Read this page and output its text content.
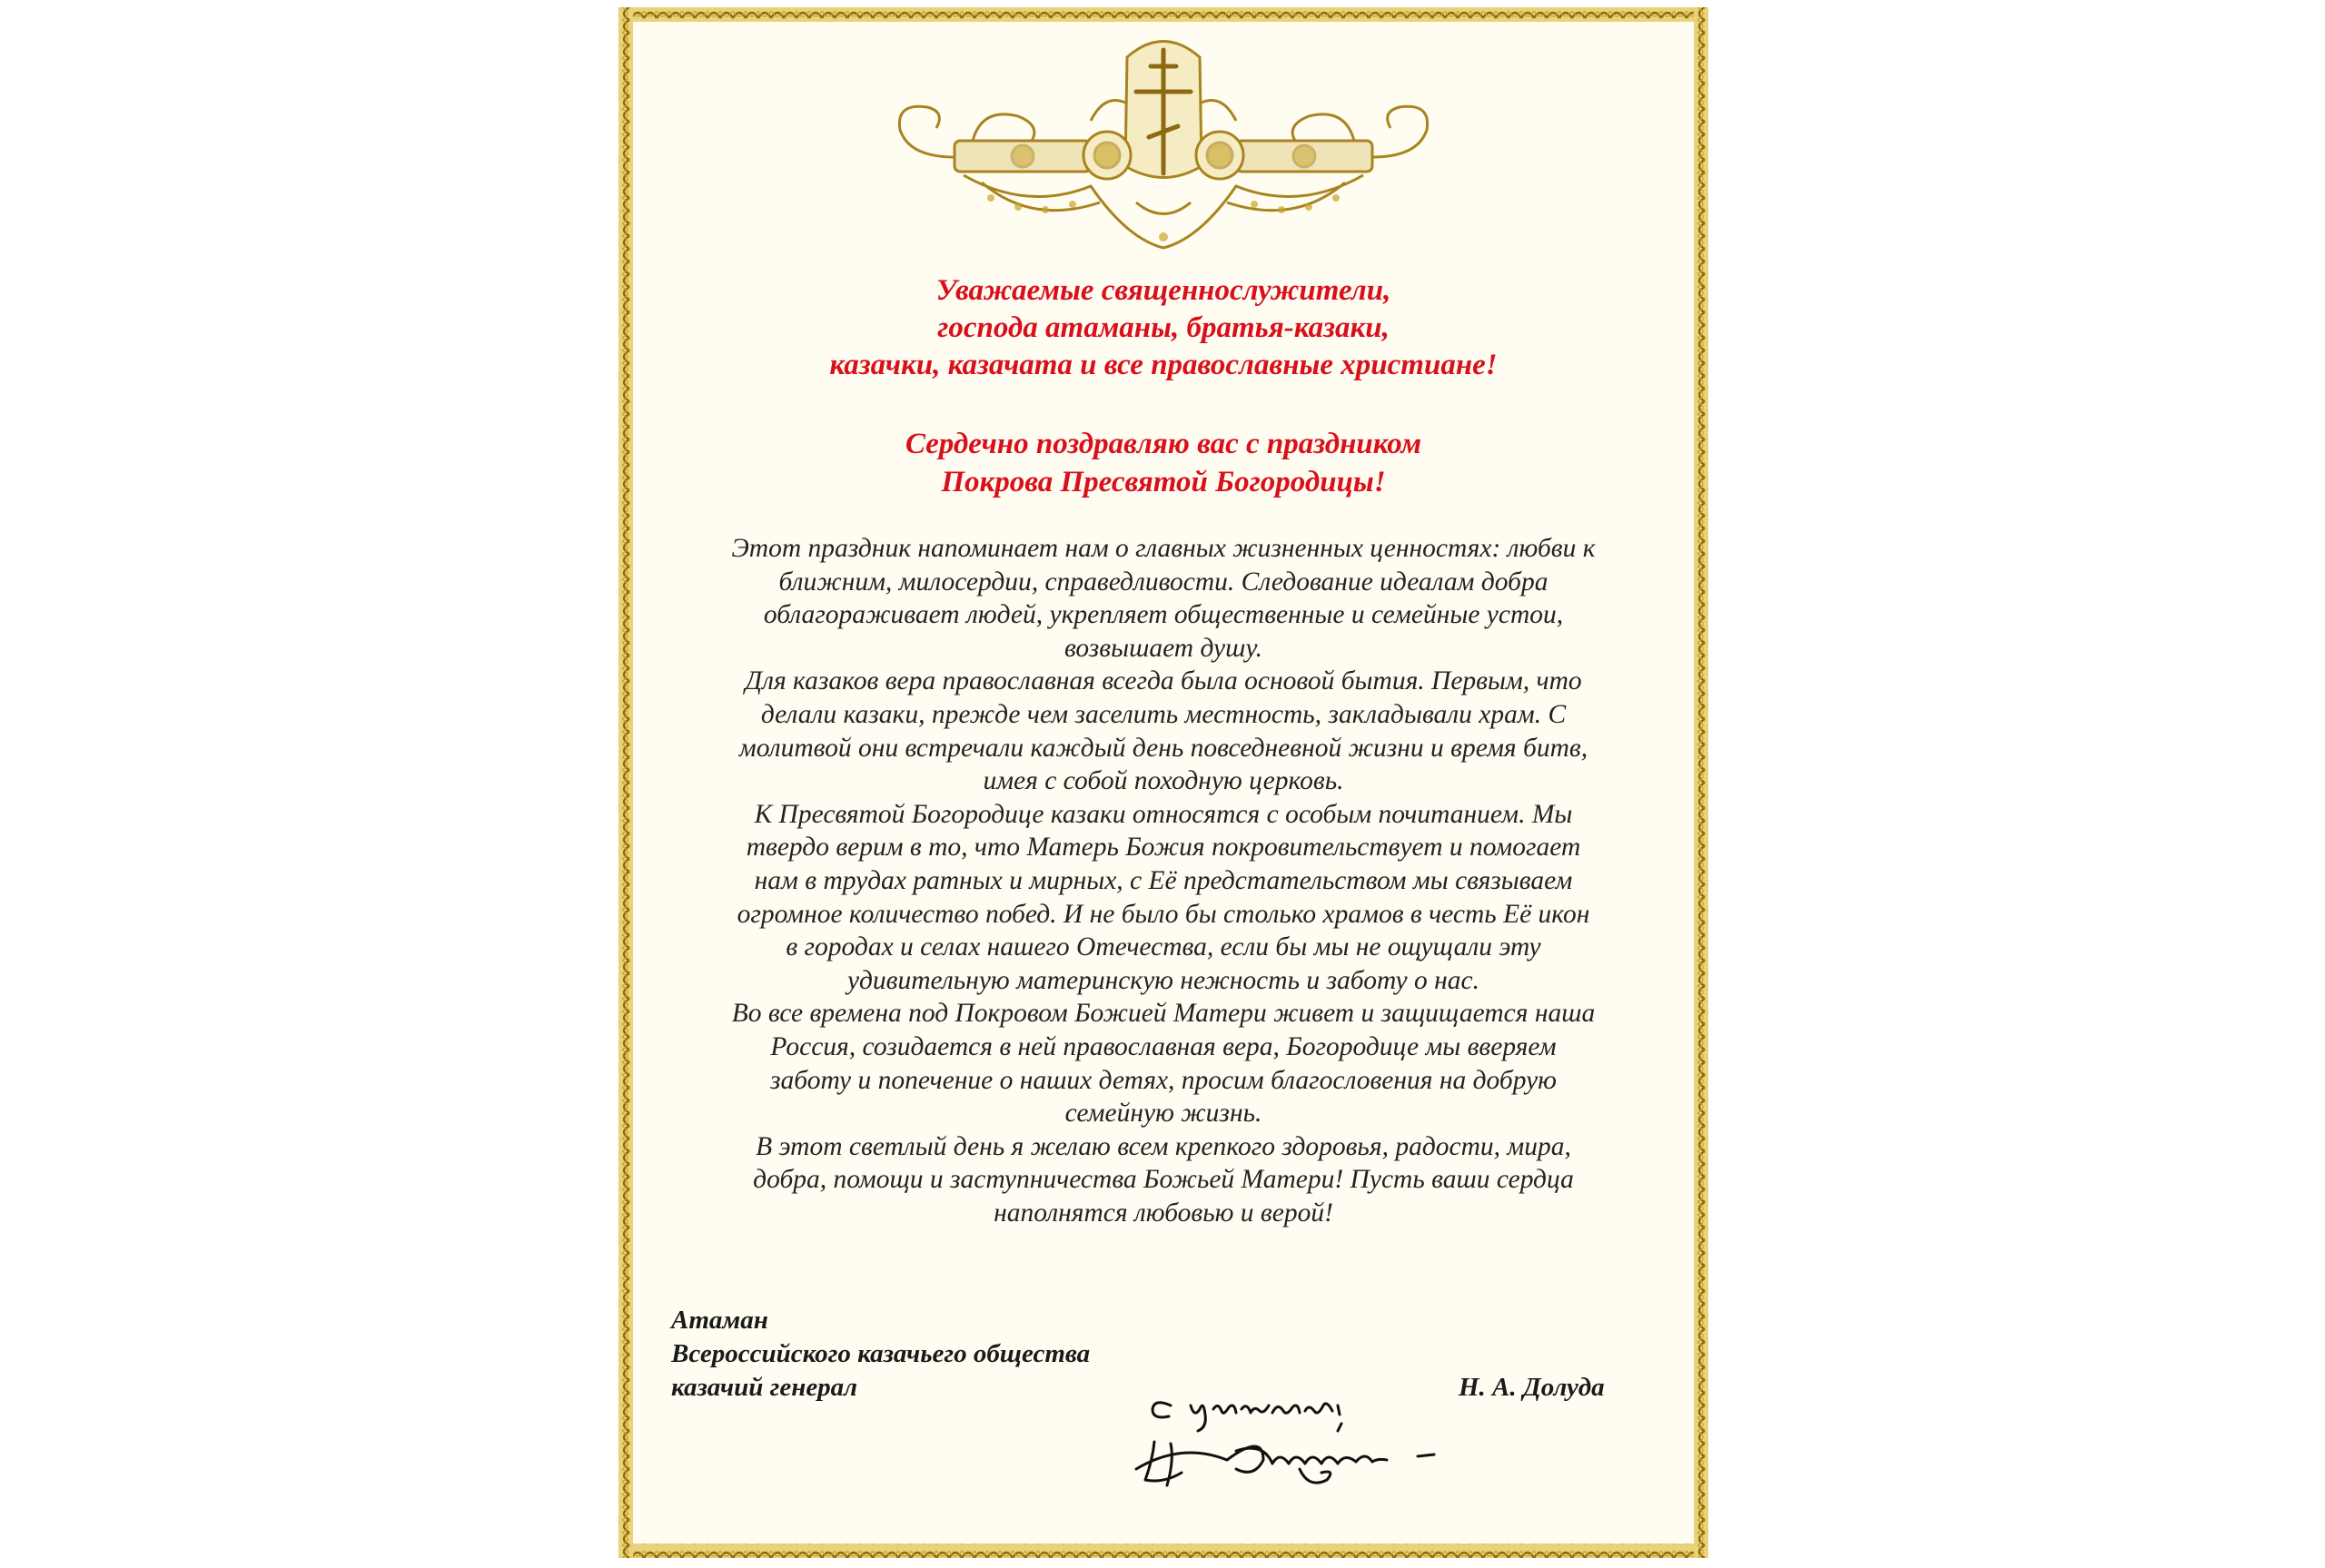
Уважаемые священнослужители,

господа атаманы, братья-казаки,

казачки, казачата и все православные христиане!

Сердечно поздравляю вас с праздником

Покрова Пресвятой Богородицы!

Этот праздник напоминает нам о главных жизненных ценностях: любви к

ближним, милосердии, справедливости. Следование идеалам добра

облагораживает людей, укрепляет общественные и семейные устои,

возвышает душу.

Для казаков вера православная всегда была основой бытия. Первым, что

делали казаки, прежде чем заселить местность, закладывали храм. С

молитвой они встречали каждый день повседневной жизни и время битв,

имея с собой походную церковь.

К Пресвятой Богородице казаки относятся с особым почитанием. Мы

твердо верим в то, что Матерь Божия покровительствует и помогает

нам в трудах ратных и мирных, с Её предстательством мы связываем

огромное количество побед. И не было бы столько храмов в честь Её икон

в городах и селах нашего Отечества, если бы мы не ощущали эту

удивительную материнскую нежность и заботу о нас.

Во все времена под Покровом Божией Матери живет и защищается наша

Россия, созидается в ней православная вера, Богородице мы вверяем

заботу и попечение о наших детях, просим благословения на добрую

семейную жизнь.

В этот светлый день я желаю всем крепкого здоровья, радости, мира,

добра, помощи и заступничества Божьей Матери! Пусть ваши сердца

наполнятся любовью и верой!

Атаман

Всероссийского казачьего общества

казачий генерал	Н. А. Долуда
